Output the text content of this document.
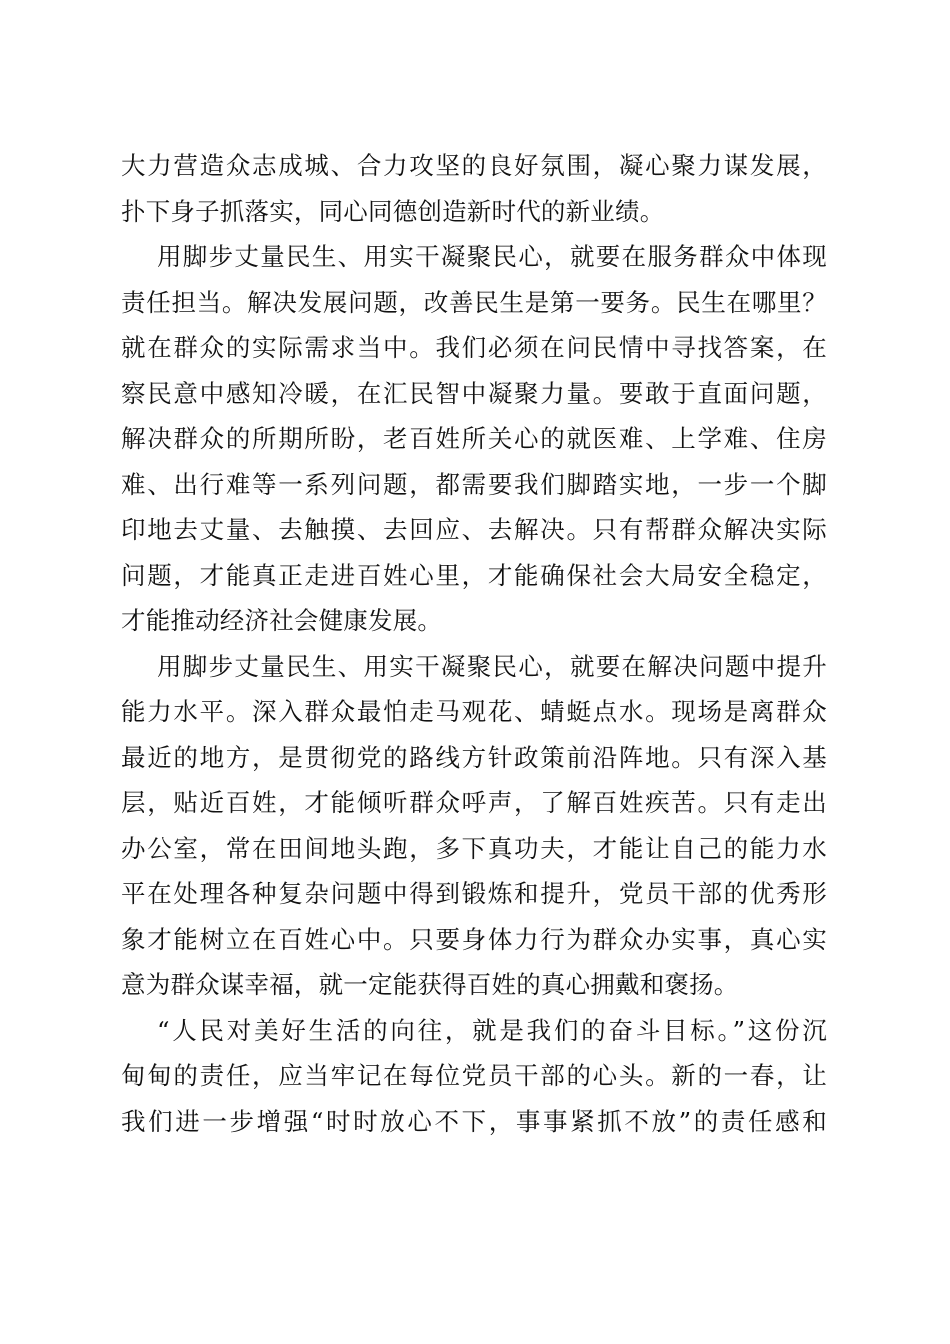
大力营造众志成城、合力攻坚的良好氛围，凝心聚力谋发展，
扑下身子抓落实，同心同德创造新时代的新业绩。
用脚步丈量民生、用实干凝聚民心，就要在服务群众中体现
责任担当。解决发展问题，改善民生是第一要务。民生在哪里？
就在群众的实际需求当中。我们必须在问民情中寻找答案，在
察民意中感知冷暖，在汇民智中凝聚力量。要敢于直面问题，
解决群众的所期所盼，老百姓所关心的就医难、上学难、住房
难、出行难等一系列问题，都需要我们脚踏实地，一步一个脚
印地去丈量、去触摸、去回应、去解决。只有帮群众解决实际
问题，才能真正走进百姓心里，才能确保社会大局安全稳定，
才能推动经济社会健康发展。
用脚步丈量民生、用实干凝聚民心，就要在解决问题中提升
能力水平。深入群众最怕走马观花、蜻蜓点水。现场是离群众
最近的地方，是贯彻党的路线方针政策前沿阵地。只有深入基
层，贴近百姓，才能倾听群众呼声，了解百姓疾苦。只有走出
办公室，常在田间地头跑，多下真功夫，才能让自己的能力水
平在处理各种复杂问题中得到锻炼和提升，党员干部的优秀形
象才能树立在百姓心中。只要身体力行为群众办实事，真心实
意为群众谋幸福，就一定能获得百姓的真心拥戴和褒扬。
“人民对美好生活的向往，就是我们的奋斗目标。”这份沉
甸甸的责任，应当牢记在每位党员干部的心头。新的一春，让
我们进一步增强“时时放心不下，事事紧抓不放”的责任感和
